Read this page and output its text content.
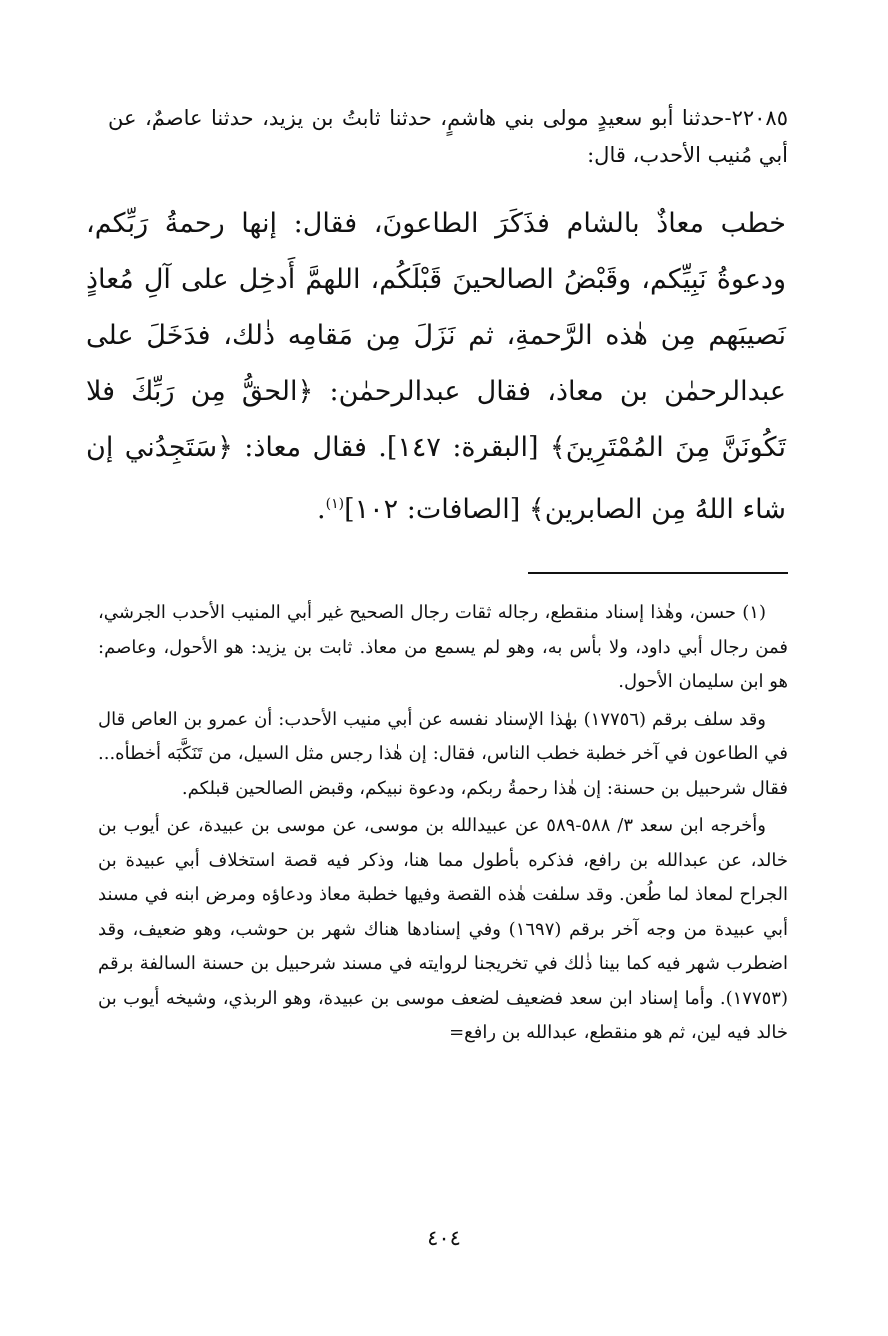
٢٢٠٨٥-حدثنا أبو سعيدٍ مولى بني هاشمٍ، حدثنا ثابتُ بن يزيد، حدثنا عاصمٌ، عن أبي مُنيب الأحدب، قال:
خطب معاذٌ بالشام فذَكَرَ الطاعونَ، فقال: إنها رحمةُ رَبِّكم، ودعوةُ نَبِيِّكم، وقَبْضُ الصالحينَ قَبْلَكُم، اللهمَّ أَدخِل على آلِ مُعاذٍ نَصيبَهم مِن هٰذه الرَّحمةِ، ثم نَزَلَ مِن مَقامِه ذٰلك، فدَخَلَ على عبدالرحمٰن بن معاذ، فقال عبدالرحمٰن: ﴿الحقُّ مِن رَبِّكَ فلا تَكُونَنَّ مِنَ المُمْتَرِينَ﴾ [البقرة: ١٤٧]. فقال معاذ: ﴿سَتَجِدُني إن شاء اللهُ مِن الصابرين﴾ [الصافات: ١٠٢]$^{(١)}$.

(١) حسن، وهٰذا إسناد منقطع، رجاله ثقات رجال الصحيح غير أبي المنيب الأحدب الجرشي، فمن رجال أبي داود، ولا بأس به، وهو لم يسمع من معاذ. ثابت بن يزيد: هو الأحول، وعاصم: هو ابن سليمان الأحول.

وقد سلف برقم (١٧٧٥٦) بهٰذا الإسناد نفسه عن أبي منيب الأحدب: أن عمرو بن العاص قال في الطاعون في آخر خطبة خطب الناس، فقال: إن هٰذا رجس مثل السيل، من تَنَكَّبَه أخطأه... فقال شرحبيل بن حسنة: إن هٰذا رحمةُ ربكم، ودعوة نبيكم، وقبض الصالحين قبلكم.

وأخرجه ابن سعد ٣/ ٥٨٨-٥٨٩ عن عبيدالله بن موسى، عن موسى بن عبيدة، عن أيوب بن خالد، عن عبدالله بن رافع، فذكره بأطول مما هنا، وذكر فيه قصة استخلاف أبي عبيدة بن الجراح لمعاذ لما طُعن. وقد سلفت هٰذه القصة وفيها خطبة معاذ ودعاؤه ومرض ابنه في مسند أبي عبيدة من وجه آخر برقم (١٦٩٧) وفي إسنادها هناك شهر بن حوشب، وهو ضعيف، وقد اضطرب شهر فيه كما بينا ذٰلك في تخريجنا لروايته في مسند شرحبيل بن حسنة السالفة برقم (١٧٧٥٣). وأما إسناد ابن سعد فضعيف لضعف موسى بن عبيدة، وهو الربذي، وشيخه أيوب بن خالد فيه لين، ثم هو منقطع، عبدالله بن رافع=

٤٠٤
